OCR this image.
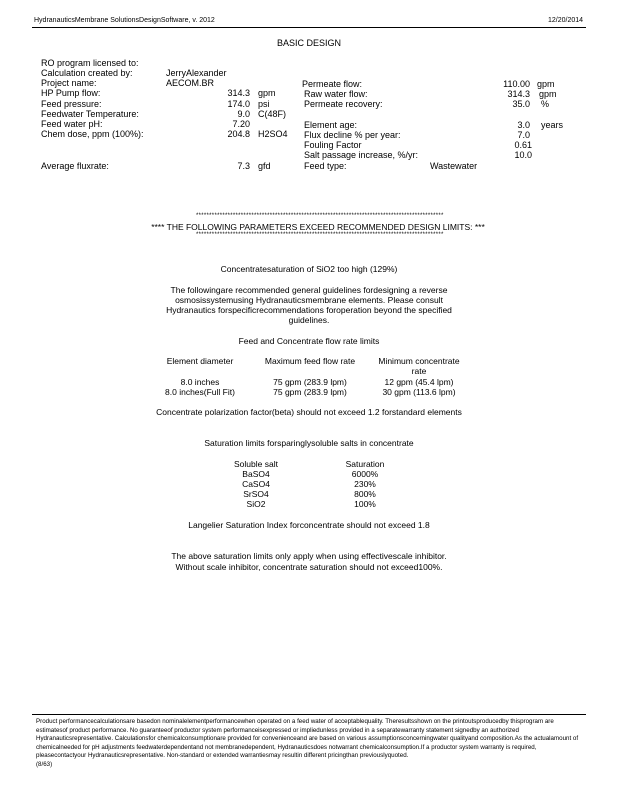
HydranauticsMembrane SolutionsDesignSoftware, v. 2012	12/20/2014
BASIC DESIGN
RO program licensed to:
Calculation created by:	JerryAlexander
Project name:	AECOM.BR
HP Pump flow:	314.3 gpm
Feed pressure:	174.0 psi
Feedwater Temperature:	9.0 C(48F)
Feed water pH:	7.20
Chem dose, ppm (100%):	204.8 H2SO4
Average fluxrate:	7.3 gfd
Permeate flow:	110.00 gpm
Raw water flow:	314.3 gpm
Permeate recovery:	35.0 %
Element age:	3.0 years
Flux decline % per year:	7.0
Fouling Factor	0.61
Salt passage increase, %/yr:	10.0
Feed type:	Wastewater
**********************************************************************************************
**** THE FOLLOWING PARAMETERS EXCEED RECOMMENDED DESIGN LIMITS: ***
**********************************************************************************************
Concentratesaturation of SiO2 too high (129%)
The followingare recommended general guidelines fordesigning a reverse
osmosissystemusing Hydranauticsmembrane elements. Please consult
Hydranautics forspecificrecommendations foroperation beyond the specified
guidelines.
Feed and Concentrate flow rate limits
Element diameter	Maximum feed flow rate	Minimum concentrate
rate
8.0 inches	75 gpm (283.9 lpm)	12 gpm (45.4 lpm)
8.0 inches(Full Fit)	75 gpm (283.9 lpm)	30 gpm (113.6 lpm)
Concentrate polarization factor(beta) should not exceed 1.2 forstandard elements
Saturation limits forsparinglysoluble salts in concentrate
Soluble salt	Saturation
BaSO4	6000%
CaSO4	230%
SrSO4	800%
SiO2	100%
Langelier Saturation Index forconcentrate should not exceed 1.8
The above saturation limits only apply when using effectivescale inhibitor.
Without scale inhibitor, concentrate saturation should not exceed100%.
Product performancecalculationsare basedon nominalelementperformancewhen operated on a feed water of acceptablequality. Theresultsshown on the printoutsproducedby thisprogram are estimatesof product performance. No guaranteeof productor system performanceisexpressed or impliedunless provided in a separatewarranty statement signedby an authorized Hydranauticsrepresentative. Calculationsfor chemicalconsumptionare provided for convenienceand are based on various assumptionsconcerningwater qualityand composition.As the actualamount of chemicalneeded for pH adjustments feedwaterdependentand not membranedependent, Hydranauticsdoes notwarrant chemicalconsumption.If a productor system warranty is required, pleasecontactyour Hydranauticsrepresentative. Non-standard or extended warrantiesmay resultin different pricingthan previouslyquoted.
(8/63)
